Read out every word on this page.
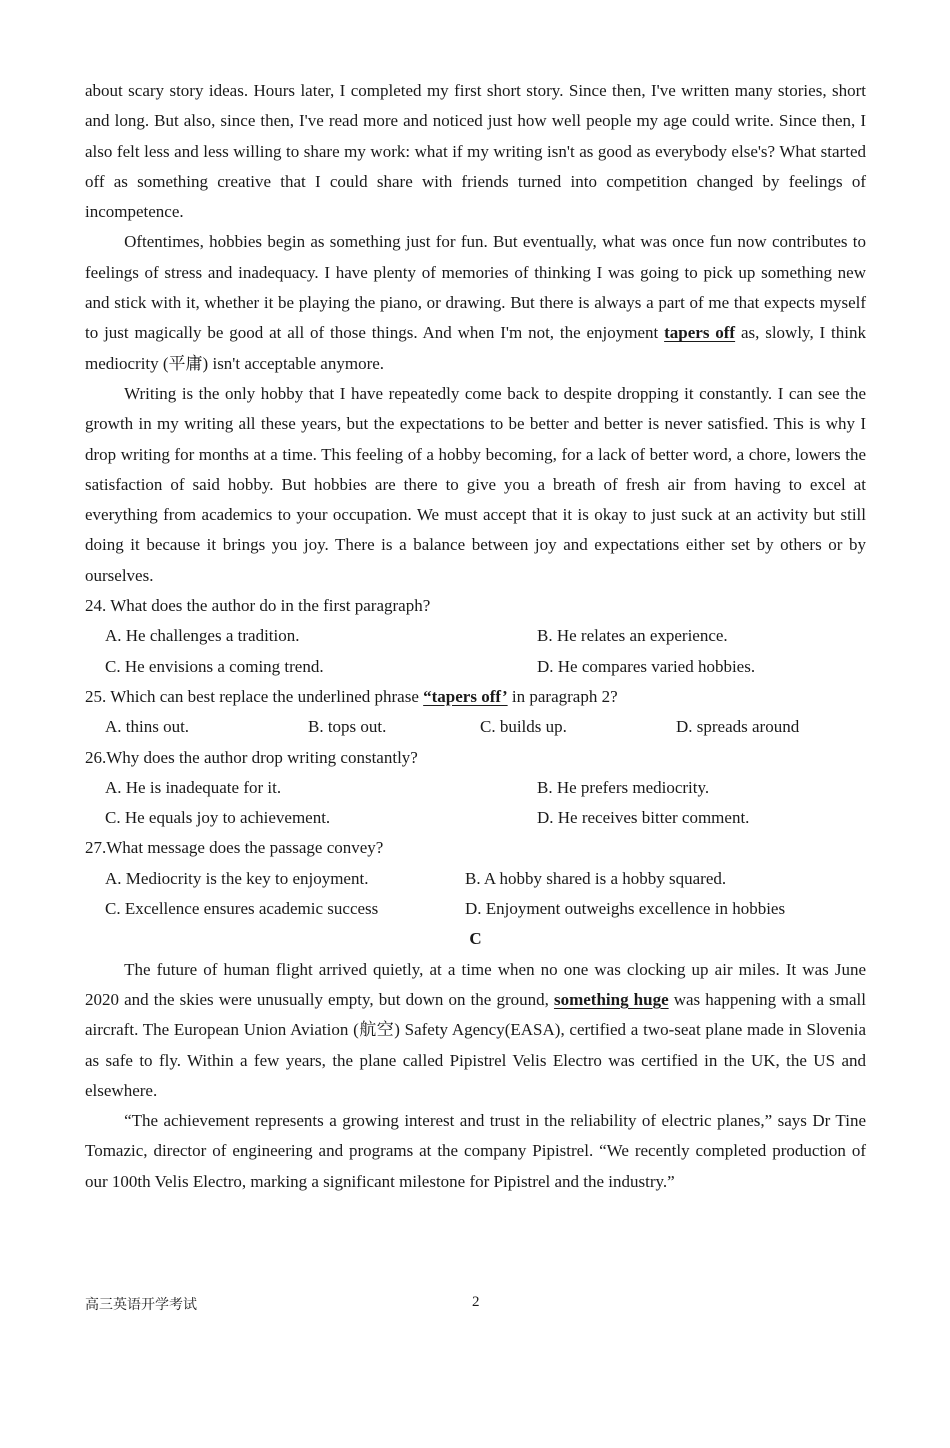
about scary story ideas. Hours later, I completed my first short story. Since then, I've written many stories, short and long. But also, since then, I've read more and noticed just how well people my age could write. Since then, I also felt less and less willing to share my work: what if my writing isn't as good as everybody else's? What started off as something creative that I could share with friends turned into competition changed by feelings of incompetence.

Oftentimes, hobbies begin as something just for fun. But eventually, what was once fun now contributes to feelings of stress and inadequacy. I have plenty of memories of thinking I was going to pick up something new and stick with it, whether it be playing the piano, or drawing. But there is always a part of me that expects myself to just magically be good at all of those things. And when I'm not, the enjoyment tapers off as, slowly, I think mediocrity (平庸) isn't acceptable anymore.

Writing is the only hobby that I have repeatedly come back to despite dropping it constantly. I can see the growth in my writing all these years, but the expectations to be better and better is never satisfied. This is why I drop writing for months at a time. This feeling of a hobby becoming, for a lack of better word, a chore, lowers the satisfaction of said hobby. But hobbies are there to give you a breath of fresh air from having to excel at everything from academics to your occupation. We must accept that it is okay to just suck at an activity but still doing it because it brings you joy. There is a balance between joy and expectations either set by others or by ourselves.

24. What does the author do in the first paragraph?

A. He challenges a tradition.	B. He relates an experience.
C. He envisions a coming trend.	D. He compares varied hobbies.

25. Which can best replace the underlined phrase “tapers off’ in paragraph 2?

A. thins out.	B. tops out.	C. builds up.	D. spreads around

26.Why does the author drop writing constantly?

A. He is inadequate for it.	B. He prefers mediocrity.
C. He equals joy to achievement.	D. He receives bitter comment.

27.What message does the passage convey?

A. Mediocrity is the key to enjoyment.	B. A hobby shared is a hobby squared.
C. Excellence ensures academic success	D. Enjoyment outweighs excellence in hobbies

C

The future of human flight arrived quietly, at a time when no one was clocking up air miles. It was June 2020 and the skies were unusually empty, but down on the ground, something huge was happening with a small aircraft. The European Union Aviation (航空) Safety Agency(EASA), certified a two-seat plane made in Slovenia as safe to fly. Within a few years, the plane called Pipistrel Velis Electro was certified in the UK, the US and elsewhere.

“The achievement represents a growing interest and trust in the reliability of electric planes,” says Dr Tine Tomazic, director of engineering and programs at the company Pipistrel. “We recently completed production of our 100th Velis Electro, marking a significant milestone for Pipistrel and the industry.”

高三英语开学考试	2
